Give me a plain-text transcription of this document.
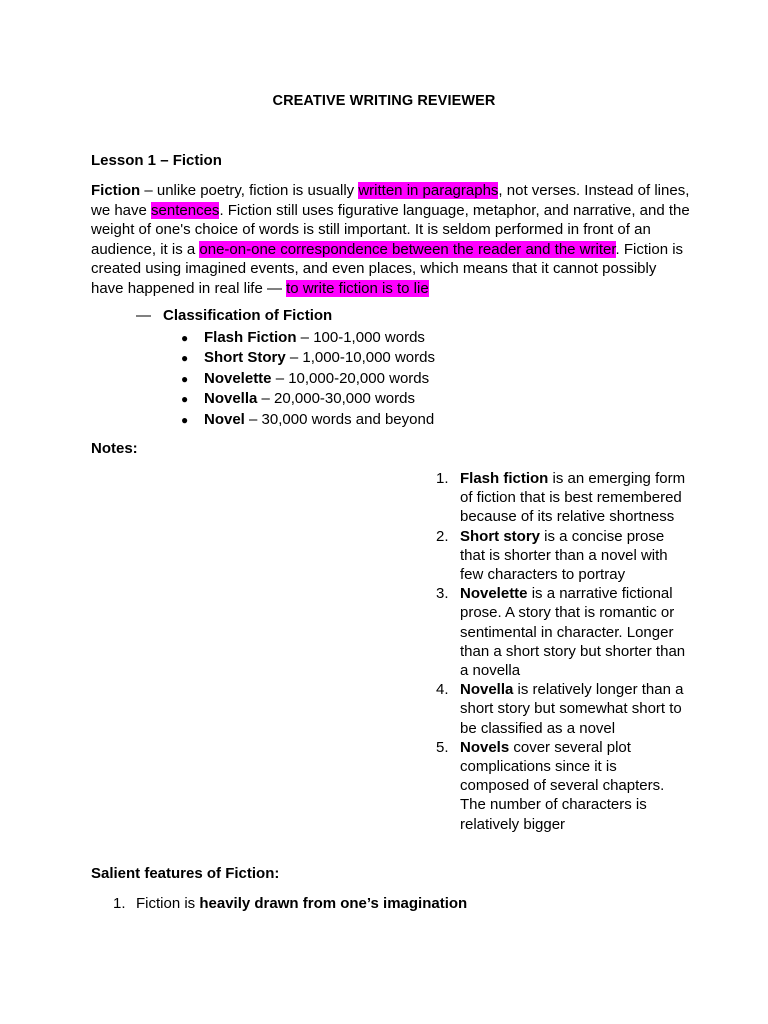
CREATIVE WRITING REVIEWER
Lesson 1 – Fiction

Fiction – unlike poetry, fiction is usually written in paragraphs, not verses. Instead of lines, we have sentences. Fiction still uses figurative language, metaphor, and narrative, and the weight of one's choice of words is still important. It is seldom performed in front of an audience, it is a one-on-one correspondence between the reader and the writer. Fiction is created using imagined events, and even places, which means that it cannot possibly have happened in real life — to write fiction is to lie

— Classification of Fiction
● Flash Fiction – 100-1,000 words
● Short Story – 1,000-10,000 words
● Novelette – 10,000-20,000 words
● Novella – 20,000-30,000 words
● Novel – 30,000 words and beyond
Notes:
1. Flash fiction is an emerging form of fiction that is best remembered because of its relative shortness
2. Short story is a concise prose that is shorter than a novel with few characters to portray
3. Novelette is a narrative fictional prose. A story that is romantic or sentimental in character. Longer than a short story but shorter than a novella
4. Novella is relatively longer than a short story but somewhat short to be classified as a novel
5. Novels cover several plot complications since it is composed of several chapters. The number of characters is relatively bigger
Salient features of Fiction:
1. Fiction is heavily drawn from one’s imagination
